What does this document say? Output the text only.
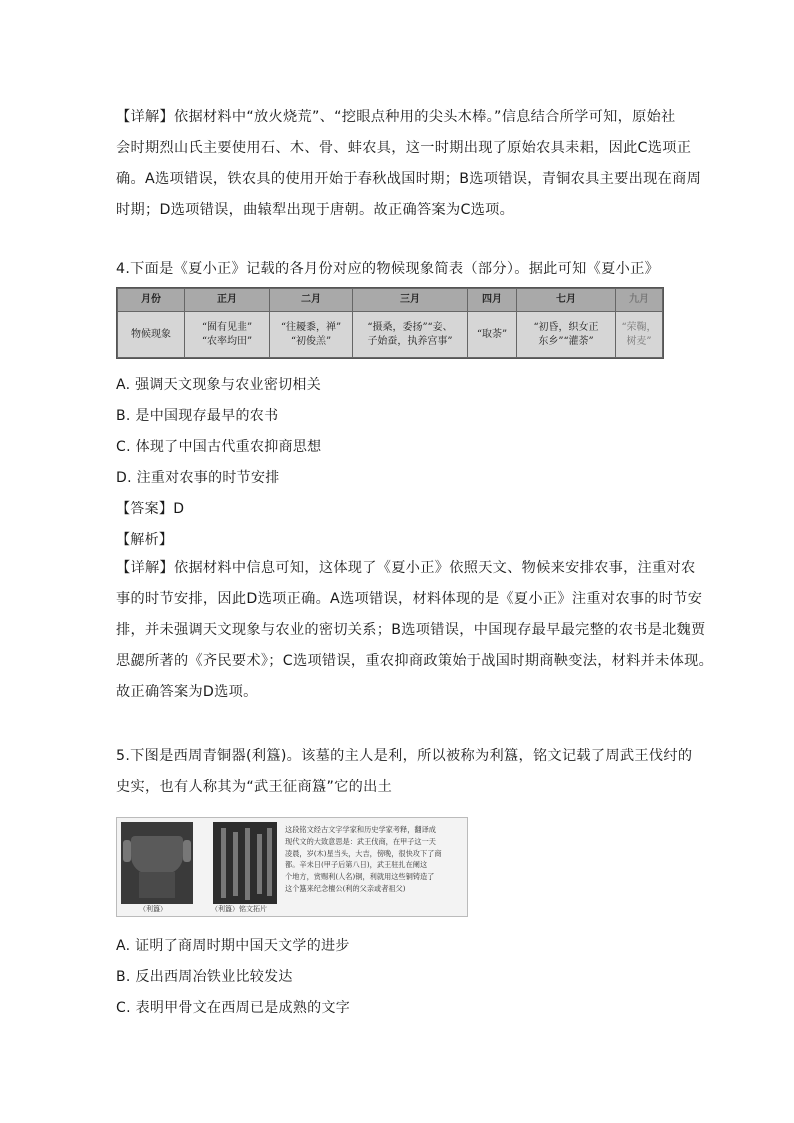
【详解】依据材料中“放火烧荒”、“挖眼点种用的尖头木棒。”信息结合所学可知，原始社
会时期烈山氏主要使用石、木、骨、蚌农具，这一时期出现了原始农具耒耜，因此C选项正
确。A选项错误，铁农具的使用开始于春秋战国时期；B选项错误，青铜农具主要出现在商周
时期；D选项错误，曲辕犁出现于唐朝。故正确答案为C选项。
4.下面是《夏小正》记载的各月份对应的物候现象简表（部分）。据此可知《夏小正》
月份	正月	二月	三月	四月	七月	九月
物候现象	“囿有见韭”
“农率均田”	“往耰黍，禅”
“初俊羔”	“摄桑，委扬”“妾、
子始蚕，执养宫事”	“取荼”	“初昏，织女正
东乡”“灌荼”	“荣鞠，树麦”
A. 强调天文现象与农业密切相关
B. 是中国现存最早的农书
C. 体现了中国古代重农抑商思想
D. 注重对农事的时节安排
【答案】D
【解析】
【详解】依据材料中信息可知，这体现了《夏小正》依照天文、物候来安排农事，注重对农
事的时节安排，因此D选项正确。A选项错误，材料体现的是《夏小正》注重对农事的时节安
排，并未强调天文现象与农业的密切关系；B选项错误，中国现存最早最完整的农书是北魏贾
思勰所著的《齐民要术》；C选项错误，重农抑商政策始于战国时期商鞅变法，材料并未体现。
故正确答案为D选项。
5.下图是西周青铜器(利簋)。该墓的主人是利，所以被称为利簋，铭文记载了周武王伐纣的
史实，也有人称其为“武王征商簋”它的出土
（利簋）	（利簋）铭文拓片
这段铭文经古文字学家和历史学家考释，翻译成
现代文的大致意思是：武王伐商，在甲子这一天
凌晨，岁(木)星当头，大吉，傍晚，很快攻下了商
都。辛未日(甲子后第八日)，武王驻扎在阑这
个地方，赏赐利(人名)铜，利就用这些铜铸造了
这个簋来纪念檀公(利的父亲或者祖父)
A. 证明了商周时期中国天文学的进步
B. 反出西周冶铁业比较发达
C. 表明甲骨文在西周已是成熟的文字
